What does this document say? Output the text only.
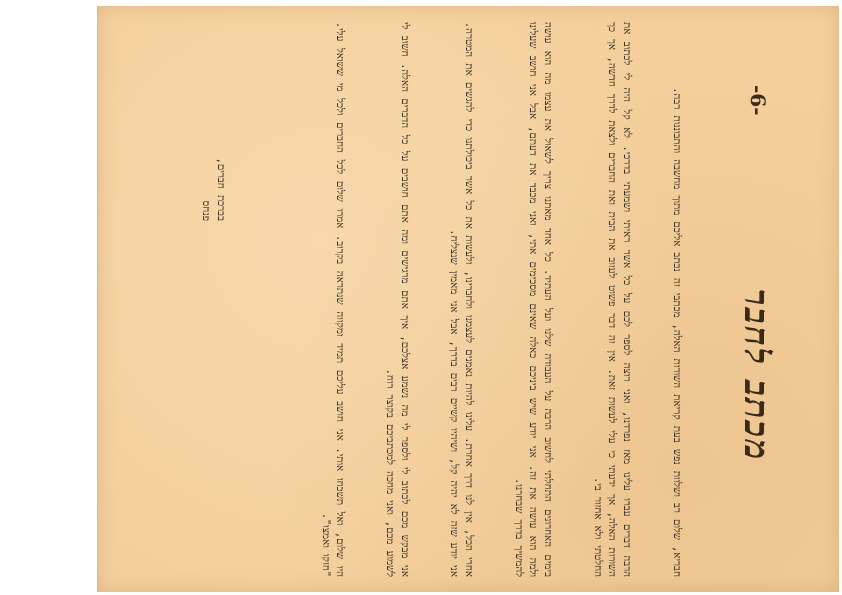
-6-
מכתב לחבר

חבריא, שלום רב ושלוות נפש בעת קריאת השורות האלה, מכתבי זה נכתב אליכם מתוך מחשבה והתבוננות רבה.

הרבה דברים עברו עלינו מאז נפרדנו, ואני רוצה לספר לכם על כל אשר ראיתי ושמעתי בדרכי. לא קל היה לי לכתוב את השורות האלה, אך ידעתי כי עלי לעשות זאת. אין זה דבר פשוט לעזוב את הבית ואת החברים ולצאת לדרך חדשה, אך כך החלטתי ולא אחזור בי.

בימים האחרונים התחלתי לחשוב הרבה על העבודה שלנו ועל העתיד. כל אחד מאתנו צריך לשאול את עצמו מה הוא עושה ולמה הוא עושה את זה. אני יודע שיש ביניכם כאלה שאינם מסכימים אתי, ואני מכבד את דעתם, אבל אני חושב שעלינו להמשיך בדרך שבחרנו.

אחרי הכל, אין לנו דרך אחרת. עלינו להיות נאמנים לעצמנו ולחברינו, ולעשות את כל אשר ביכולתנו כדי להגשים את המטרה. אני יודע שזה לא יהיה קל, ושיהיו קשיים רבים בדרך, אבל אני מאמין שנצליח.

אני מבקש מכם לכתוב לי ולספר לי מה נשמע אצלכם, איך אתם מרגישים ומה אתם חושבים על כל הדברים האלה. חשוב לי לשמוע מכם, ואני מחכה למכתביכם בקוצר רוח.

היו שלום, ואל תשכחו אותי. אני חושב עליכם תמיד ומקווה שנתראה בקרוב. אמרו שלום לכל החברים ולכל מי ששואל עלי. "חזקו ואמצו".

בברכת חברים,
פנחס
